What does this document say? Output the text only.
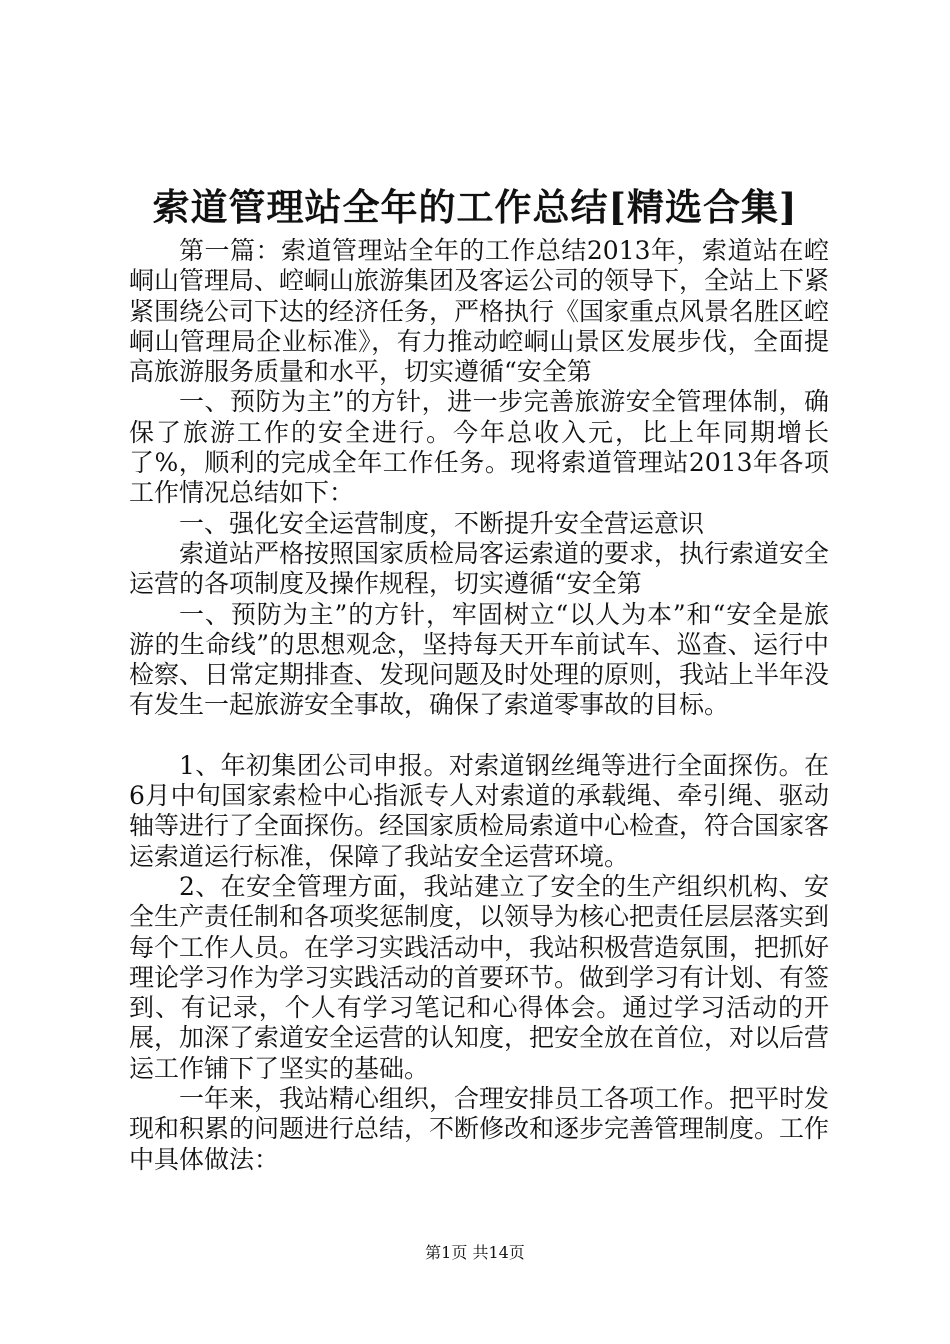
索道管理站全年的工作总结[精选合集]

第一篇：索道管理站全年的工作总结2013年，索道站在崆峒山管理局、崆峒山旅游集团及客运公司的领导下，全站上下紧紧围绕公司下达的经济任务，严格执行《国家重点风景名胜区崆峒山管理局企业标准》，有力推动崆峒山景区发展步伐，全面提高旅游服务质量和水平，切实遵循“安全第

一、预防为主”的方针，进一步完善旅游安全管理体制，确保了旅游工作的安全进行。今年总收入元，比上年同期增长了%，顺利的完成全年工作任务。现将索道管理站2013年各项工作情况总结如下：

一、强化安全运营制度，不断提升安全营运意识

索道站严格按照国家质检局客运索道的要求，执行索道安全运营的各项制度及操作规程，切实遵循“安全第

一、预防为主”的方针，牢固树立“以人为本”和“安全是旅游的生命线”的思想观念，坚持每天开车前试车、巡查、运行中检察、日常定期排查、发现问题及时处理的原则，我站上半年没有发生一起旅游安全事故，确保了索道零事故的目标。

1、年初集团公司申报。对索道钢丝绳等进行全面探伤。在6月中旬国家索检中心指派专人对索道的承载绳、牵引绳、驱动轴等进行了全面探伤。经国家质检局索道中心检查，符合国家客运索道运行标准，保障了我站安全运营环境。

2、在安全管理方面，我站建立了安全的生产组织机构、安全生产责任制和各项奖惩制度，以领导为核心把责任层层落实到每个工作人员。在学习实践活动中，我站积极营造氛围，把抓好理论学习作为学习实践活动的首要环节。做到学习有计划、有签到、有记录，个人有学习笔记和心得体会。通过学习活动的开展，加深了索道安全运营的认知度，把安全放在首位，对以后营运工作铺下了坚实的基础。

一年来，我站精心组织，合理安排员工各项工作。把平时发现和积累的问题进行总结，不断修改和逐步完善管理制度。工作中具体做法：

第1页 共14页
